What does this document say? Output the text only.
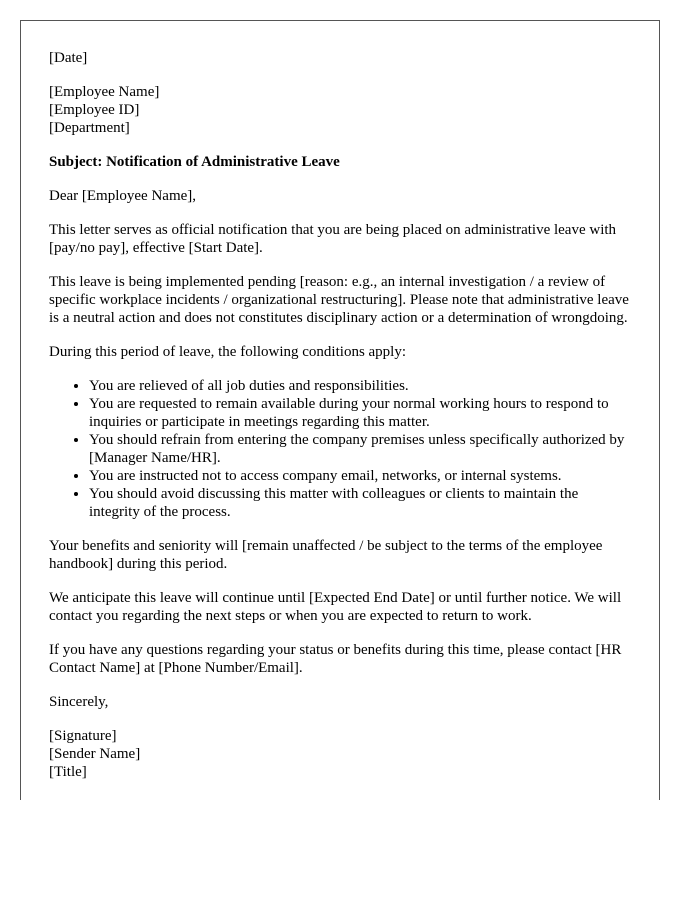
[Date]

[Employee Name]
[Employee ID]
[Department]

Subject: Notification of Administrative Leave

Dear [Employee Name],

This letter serves as official notification that you are being placed on administrative leave with [pay/no pay], effective [Start Date].

This leave is being implemented pending [reason: e.g., an internal investigation / a review of specific workplace incidents / organizational restructuring]. Please note that administrative leave is a neutral action and does not constitutes disciplinary action or a determination of wrongdoing.

During this period of leave, the following conditions apply:

• You are relieved of all job duties and responsibilities.
• You are requested to remain available during your normal working hours to respond to inquiries or participate in meetings regarding this matter.
• You should refrain from entering the company premises unless specifically authorized by [Manager Name/HR].
• You are instructed not to access company email, networks, or internal systems.
• You should avoid discussing this matter with colleagues or clients to maintain the integrity of the process.

Your benefits and seniority will [remain unaffected / be subject to the terms of the employee handbook] during this period.

We anticipate this leave will continue until [Expected End Date] or until further notice. We will contact you regarding the next steps or when you are expected to return to work.

If you have any questions regarding your status or benefits during this time, please contact [HR Contact Name] at [Phone Number/Email].

Sincerely,

[Signature]
[Sender Name]
[Title]
